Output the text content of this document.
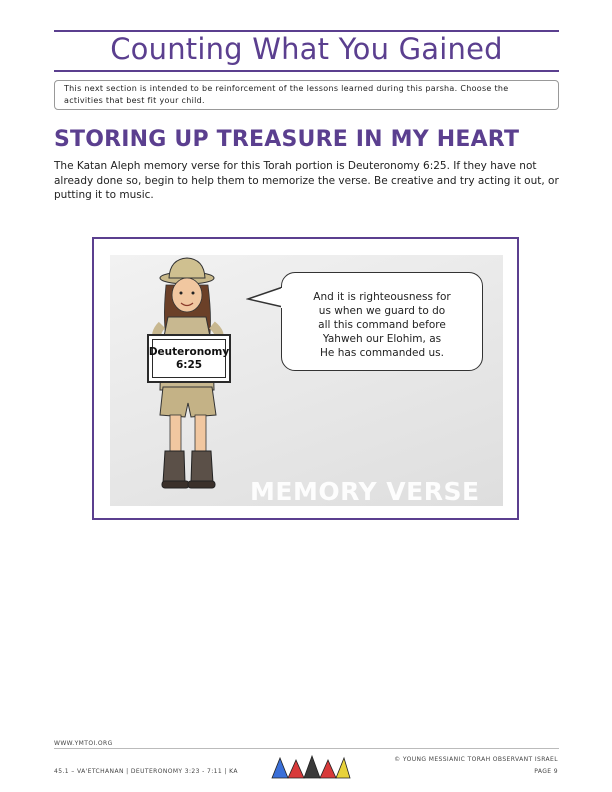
Counting What You Gained
This next section is intended to be reinforcement of the lessons learned during this parsha. Choose the activities that best fit your child.
STORING UP TREASURE IN MY HEART
The Katan Aleph memory verse for this Torah portion is Deuteronomy 6:25. If they have not already done so, begin to help them to memorize the verse. Be creative and try acting it out, or putting it to music.
Deuteronomy
6:25
And it is righteousness for
us when we guard to do
all this command before
Yahweh our Elohim, as
He has commanded us.
MEMORY VERSE
WWW.YMTOI.ORG
45.1 – VA'ETCHANAN | DEUTERONOMY 3:23 - 7:11 | KA
© YOUNG MESSIANIC TORAH OBSERVANT ISRAEL
PAGE 9
